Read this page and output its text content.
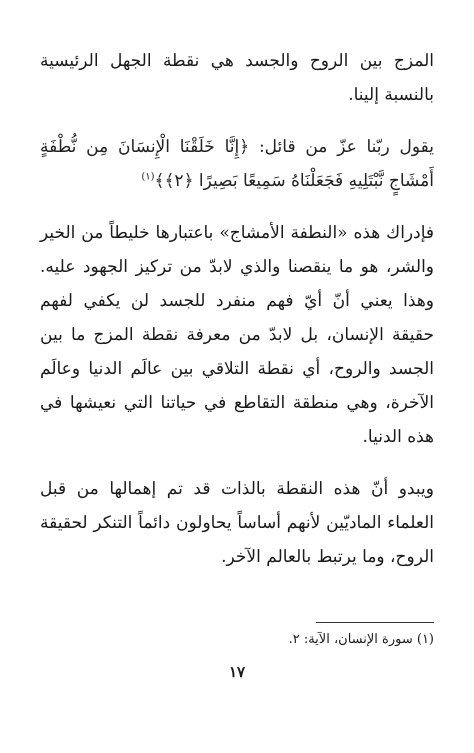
المزج بين الروح والجسد هي نقطة الجهل الرئيسية بالنسبة إلينا.

يقول ربّنا عزّ من قائل: ﴿إِنَّا خَلَقْنَا الْإِنسَانَ مِن نُّطْفَةٍ أَمْشَاجٍ نَّبْتَلِيهِ فَجَعَلْنَاهُ سَمِيعًا بَصِيرًا ﴿٢﴾﴾$^{(١)}$

فإدراك هذه «النطفة الأمشاج» باعتبارها خليطاً من الخير والشر، هو ما ينقصنا والذي لابدّ من تركيز الجهود عليه. وهذا يعني أنّ أيّ فهم منفرد للجسد لن يكفي لفهم حقيقة الإنسان، بل لابدّ من معرفة نقطة المزج ما بين الجسد والروح، أي نقطة التلاقي بين عالَم الدنيا وعالَم الآخرة، وهي منطقة التقاطع في حياتنا التي نعيشها في هذه الدنيا.

ويبدو أنّ هذه النقطة بالذات قد تم إهمالها من قبل العلماء الماديّين لأنهم أساساً يحاولون دائماً التنكر لحقيقة الروح، وما يرتبط بالعالم الآخر.

(١) سورة الإنسان، الآية: ٢.

١٧
